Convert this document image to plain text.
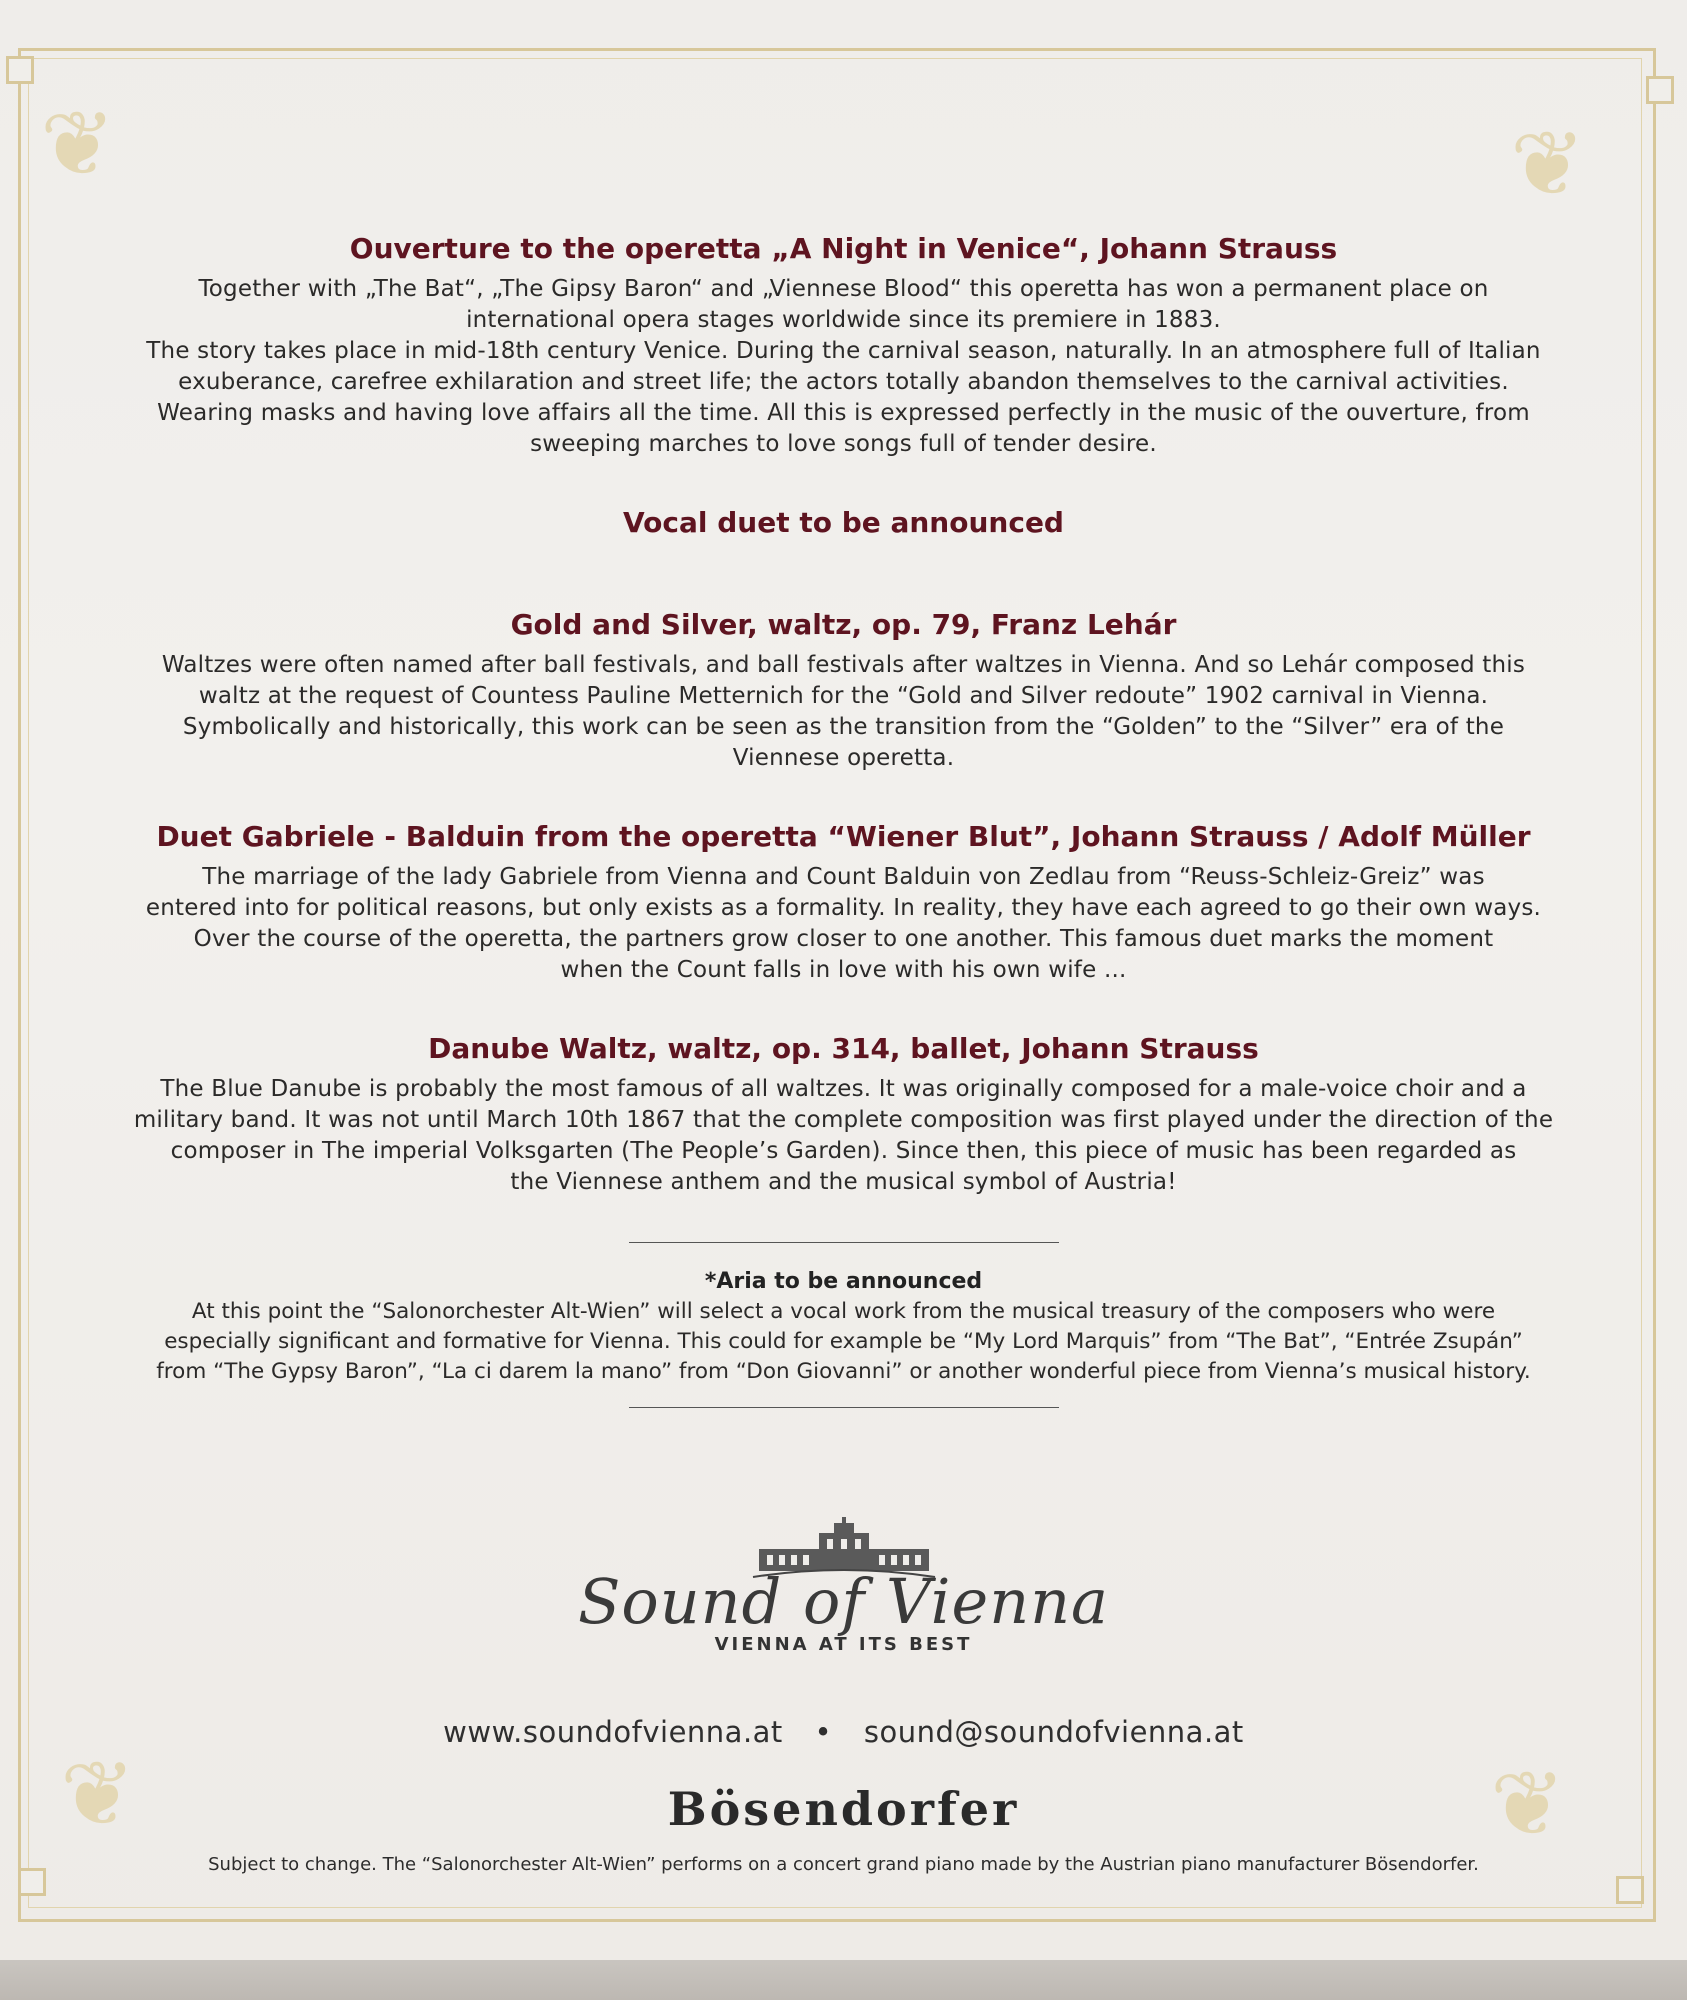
❦	❦
❦	❦

Ouverture to the operetta „A Night in Venice“, Johann Strauss

Together with „The Bat“, „The Gipsy Baron“ and „Viennese Blood“ this operetta has won a permanent place on

international opera stages worldwide since its premiere in 1883.

The story takes place in mid-18th century Venice. During the carnival season, naturally. In an atmosphere full of Italian

exuberance, carefree exhilaration and street life; the actors totally abandon themselves to the carnival activities.

Wearing masks and having love affairs all the time. All this is expressed perfectly in the music of the ouverture, from

sweeping marches to love songs full of tender desire.

Vocal duet to be announced

Gold and Silver, waltz, op. 79, Franz Lehár

Waltzes were often named after ball festivals, and ball festivals after waltzes in Vienna. And so Lehár composed this

waltz at the request of Countess Pauline Metternich for the “Gold and Silver redoute” 1902 carnival in Vienna.

Symbolically and historically, this work can be seen as the transition from the “Golden” to the “Silver” era of the

Viennese operetta.

Duet Gabriele - Balduin from the operetta “Wiener Blut”, Johann Strauss / Adolf Müller

The marriage of the lady Gabriele from Vienna and Count Balduin von Zedlau from “Reuss-Schleiz-Greiz” was

entered into for political reasons, but only exists as a formality. In reality, they have each agreed to go their own ways.

Over the course of the operetta, the partners grow closer to one another. This famous duet marks the moment

when the Count falls in love with his own wife ...

Danube Waltz, waltz, op. 314, ballet, Johann Strauss

The Blue Danube is probably the most famous of all waltzes. It was originally composed for a male-voice choir and a

military band. It was not until March 10th 1867 that the complete composition was first played under the direction of the

composer in The imperial Volksgarten (The People’s Garden). Since then, this piece of music has been regarded as

the Viennese anthem and the musical symbol of Austria!

*Aria to be announced

At this point the “Salonorchester Alt-Wien” will select a vocal work from the musical treasury of the composers who were

especially significant and formative for Vienna. This could for example be “My Lord Marquis” from “The Bat”, “Entrée Zsupán”

from “The Gypsy Baron”, “La ci darem la mano” from “Don Giovanni” or another wonderful piece from Vienna’s musical history.

Sound of Vienna
VIENNA AT ITS BEST
www.soundofvienna.at • sound@soundofvienna.at
Bösendorfer
Subject to change. The “Salonorchester Alt-Wien” performs on a concert grand piano made by the Austrian piano manufacturer Bösendorfer.
